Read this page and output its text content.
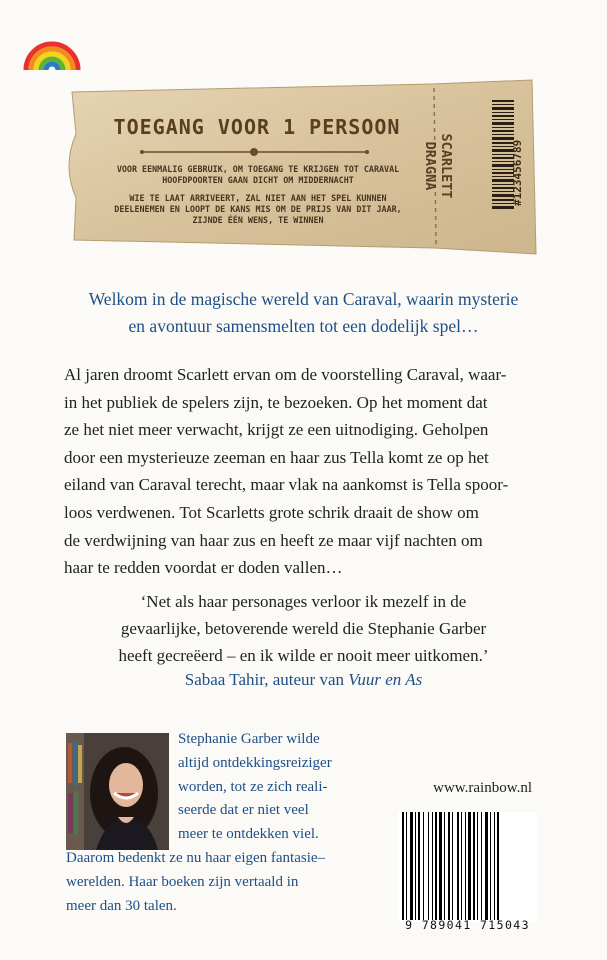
TOEGANG VOOR 1 PERSOON
VOOR EENMALIG GEBRUIK, OM TOEGANG TE KRIJGEN TOT CARAVAL HOOFDPOORTEN GAAN DICHT OM MIDDERNACHT
WIE TE LAAT ARRIVEERT, ZAL NIET AAN HET SPEL KUNNEN DEELENEMEN EN LOOPT DE KANS MIS OM DE PRIJS VAN DIT JAAR, ZIJNDE ÉÉN WENS, TE WINNEN
SCARLETT DRAGNA	#123456789
Welkom in de magische wereld van Caraval, waarin mysterie
en avontuur samensmelten tot een dodelijk spel…
Al jaren droomt Scarlett ervan om de voorstelling Caraval, waar-
in het publiek de spelers zijn, te bezoeken. Op het moment dat
ze het niet meer verwacht, krijgt ze een uitnodiging. Geholpen
door een mysterieuze zeeman en haar zus Tella komt ze op het
eiland van Caraval terecht, maar vlak na aankomst is Tella spoor-
loos verdwenen. Tot Scarletts grote schrik draait de show om
de verdwijning van haar zus en heeft ze maar vijf nachten om
haar te redden voordat er doden vallen…
‘Net als haar personages verloor ik mezelf in de
gevaarlijke, betoverende wereld die Stephanie Garber
heeft gecreëerd – en ik wilde er nooit meer uitkomen.’
Sabaa Tahir, auteur van Vuur en As
Stephanie Garber wilde
altijd ontdekkingsreiziger
worden, tot ze zich reali-
seerde dat er niet veel
meer te ontdekken viel.
Daarom bedenkt ze nu haar eigen fantasie–
werelden. Haar boeken zijn vertaald in
meer dan 30 talen.
www.rainbow.nl
9 789041 715043
